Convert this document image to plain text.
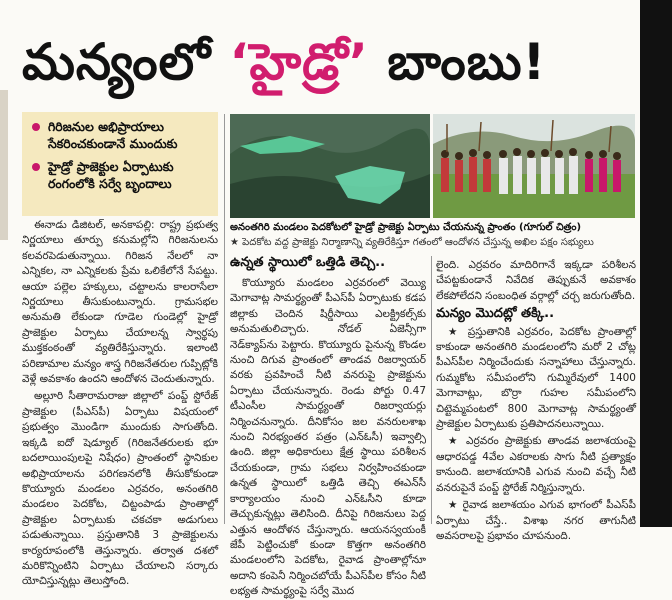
మన్యంలో ‘హైడ్రో’ బాంబు!
గిరిజనుల అభిప్రాయాలు సేకరించకుండానే ముందుకు
హైడ్రో ప్రాజెక్టుల ఏర్పాటుకు రంగంలోకి సర్వే బృందాలు
అనంతగిరి మండలం పెదకోట‌లో హైడ్రో ప్రాజెక్టు ఏర్పాటు చేయనున్న ప్రాంతం (గూగుల్ చిత్రం)
★ పెదకోట వద్ద ప్రాజెక్టు నిర్మాణాన్ని వ్యతిరేకిస్తూ గతంలో ఆందోళన చేస్తున్న అఖిల పక్షం సభ్యులు

ఈనాడు డిజిటల్, అనకాపల్లి: రాష్ట్ర ప్రభుత్వ నిర్ణయాలు తూర్పు కనుమల్లోని గిరిజనులను కలవరపెడుతున్నాయి. గిరిజన నేలలో నా ఎన్నికల, నా ఎన్నికలకు ప్రేమ ఒలికేలోనే సేపట్టు. ఆయా పల్లెల హక్కులు, చట్టాలను కాలరాసేలా నిర్ణయాలు తీసుకుంటున్నారు. గ్రామసభల అనుమతి లేకుండా గూడెల గుండెల్లో హైడ్రో ప్రాజెక్టుల ఏర్పాటు చేయాలన్న స్వార్థపు ముక్తకంఠంతో వ్యతిరేకిస్తున్నారు. ఇలాంటి పరిణామాల మన్యం శాస్త్ర గిరిజనేతరుల గుప్పిట్లోకి వెళ్లే అవకాశం ఉందని ఆందోళన చెందుతున్నారు.

అల్లూరి సీతారామరాజు జిల్లాలో పంప్డ్ స్టోరేజ్ ప్రాజెక్టుల (పీఎస్‌పీ) ఏర్పాటు విషయంలో ప్రభుత్వం మొండిగా ముందుకు సాగుతోంది. ఇక్కడి ఐదో షెడ్యూల్ (గిరిజనేతరులకు భూ బదలాయింపులపై నిషేధం) ప్రాంతంలో స్థానికుల అభిప్రాయాలను పరిగణనలోకి తీసుకోకుండా కొయ్యూరు మండలం ఎర్రవరం, అనంతగిరి మండలం పెదకోట, చిట్టంపాడు ప్రాంతాల్లో ప్రాజెక్టుల ఏర్పాటుకు చకచకా అడుగులు పడుతున్నాయి. ప్రస్తుతానికి 3 ప్రాజెక్టులను కార్యరూపంలోకి తెస్తున్నారు. తర్వాత దశలో మరికొన్నింటిని ఏర్పాటు చేయాలని సర్కారు యోచిస్తున్నట్లు తెలుస్తోంది.

ఉన్నత స్థాయిలో ఒత్తిడి తెచ్చి..

కొయ్యూరు మండలం ఎర్రవరంలో వెయ్యి మెగావాట్ల సామర్థ్యంతో పీఎస్‌పీ ఏర్పాటుకు కడప జిల్లాకు చెందిన షిర్డీసాయి ఎలక్ట్రికల్స్‌కు అనుమతులిచ్చారు. నోడల్ ఏజెన్సీగా నెడ్‌క్యాప్‌ను పెట్టారు. కొయ్యూరు పైనున్న కొండల నుంచి దిగువ ప్రాంతంలో తాండవ రిజర్వాయర్‌ వరకు ప్రవహించే నీటి వనరుపై ప్రాజెక్టును ఏర్పాటు చేయనున్నారు. రెండు పోర్టు 0.47 టీఎంసీల సామర్థ్యంతో రిజర్వాయర్లు నిర్మించనున్నారు. దీనికోసం జల వనరులశాఖ నుంచి నిరభ్యంతర పత్రం (ఎన్‌ఓసీ) ఇవ్వాల్సి ఉంది. జిల్లా అధికారులు క్షేత్ర స్థాయి పరిశీలన చేయకుండా, గ్రామ సభలు నిర్వహించకుండా ఉన్నత స్థాయిలో ఒత్తిడి తెచ్చి ఈఎన్‌సీ కార్యాలయం నుంచి ఎన్‌ఓసీని కూడా తెచ్చుకున్నట్లు తెలిసింది. దీనిపై గిరిజనులు పెద్ద ఎత్తున ఆందోళన చేస్తున్నారు. ఆయనస్వయంకీ జేపీ పెట్టించుకో కుండా కొత్తగా అనంతగిరి మండలంలోని పెదకోట, రైవాడ ప్రాంతాల్లోనూ అదాని కంపెనీ నిర్మించబోయే పీఎస్‌పీల కోసం నీటి లభ్యత సామర్థ్యంపై సర్వే మొద

లైంది. ఎర్రవరం మాదిరిగానే ఇక్కడా పరిశీలన చేపట్టకుండానే నివేదిక తెప్పుకునే అవకాశం లేకపోలేదని సంబంధిత వర్గాల్లో చర్చ జరుగుతోంది.

మన్యం మొదట్లో తక్కి..

★ ప్రస్తుతానికి ఎర్రవరం, పెదకోట ప్రాంతాల్లో కాకుండా అనంతగిరి మండలంలోని మరో 2 చోట్ల పీఎస్‌పీల నిర్మించేందుకు సన్నాహాలు చేస్తున్నారు. గుమ్మకోట సమీపంలోని గుమ్మిరేవులో 1400 మెగావాట్లు, బొర్రా గుహల సమీపంలోని చిట్టెమ్మపంటలో 800 మెగావాట్ల సామర్థ్యంతో ప్రాజెక్టుల ఏర్పాటుకు ప్రతిపాదనలున్నాయి.

★ ఎర్రవరం ప్రాజెక్టుకు తాండవ జలాశయంపై ఆధారపడ్డ 4వేల ఎకరాలకు సాగు నీటి ప్రత్యాక్షం కానుంది. జలాశయానికి ఎగువ నుంచి వచ్చే నీటి వనరుపైనే పంప్డ్ స్టోరేజ్ నిర్మిస్తున్నారు.

★ రైవాడ జలాశయం ఎగువ భాగంలో పీఎస్‌పీ ఏర్పాటు చేస్తే.. విశాఖ నగర తాగునీటి అవసరాలపై ప్రభావం చూపనుంది.
